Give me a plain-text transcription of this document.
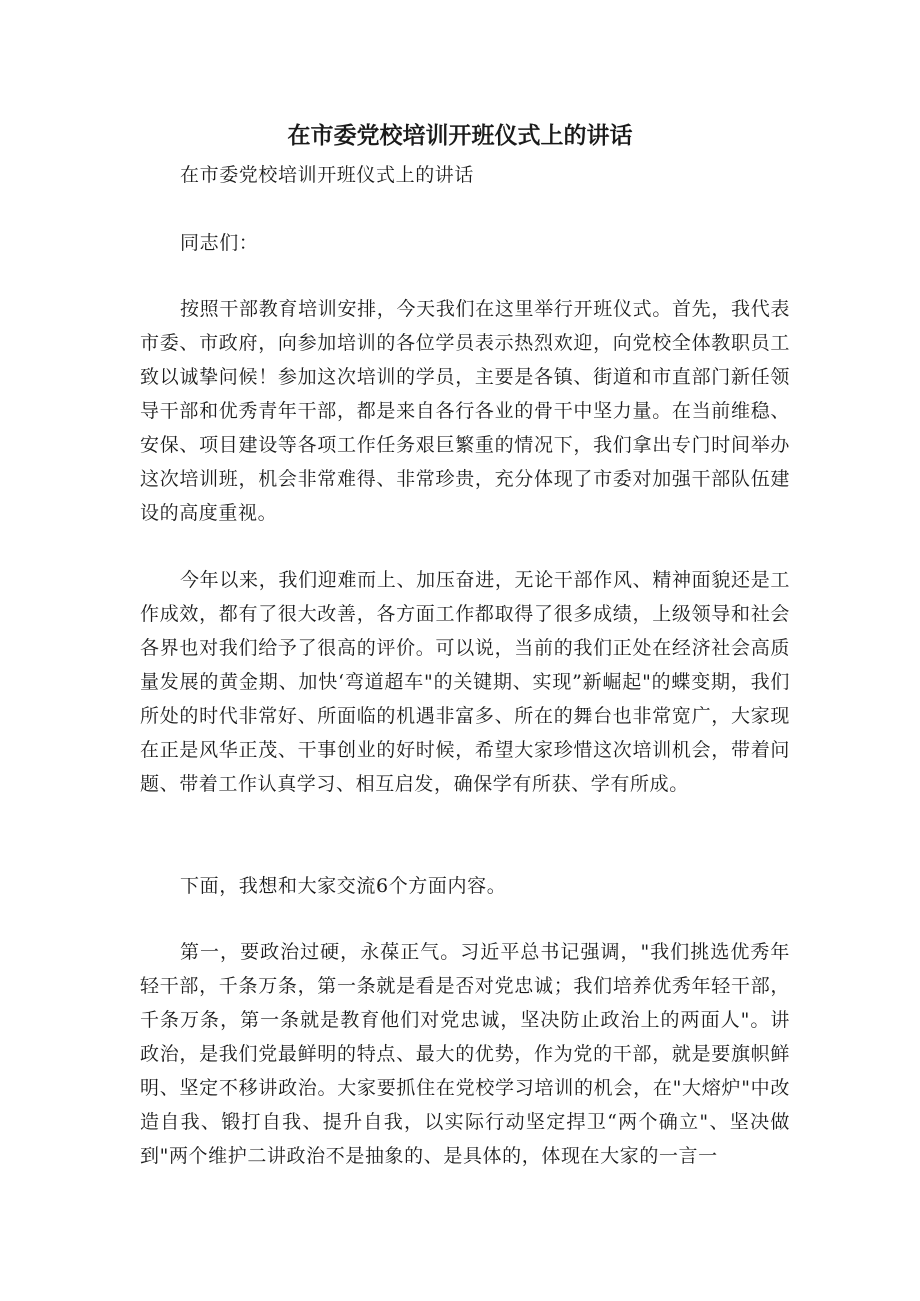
在市委党校培训开班仪式上的讲话

在市委党校培训开班仪式上的讲话

同志们：

按照干部教育培训安排，今天我们在这里举行开班仪式。首先，我代表市委、市政府，向参加培训的各位学员表示热烈欢迎，向党校全体教职员工致以诚挚问候！参加这次培训的学员，主要是各镇、街道和市直部门新任领导干部和优秀青年干部，都是来自各行各业的骨干中坚力量。在当前维稳、安保、项目建设等各项工作任务艰巨繁重的情况下，我们拿出专门时间举办这次培训班，机会非常难得、非常珍贵，充分体现了市委对加强干部队伍建设的高度重视。

今年以来，我们迎难而上、加压奋进，无论干部作风、精神面貌还是工作成效，都有了很大改善，各方面工作都取得了很多成绩，上级领导和社会各界也对我们给予了很高的评价。可以说，当前的我们正处在经济社会高质量发展的黄金期、加快‘弯道超车"的关键期、实现”新崛起"的蝶变期，我们所处的时代非常好、所面临的机遇非富多、所在的舞台也非常宽广，大家现在正是风华正茂、干事创业的好时候，希望大家珍惜这次培训机会，带着问题、带着工作认真学习、相互启发，确保学有所获、学有所成。

下面，我想和大家交流6个方面内容。

第一，要政治过硬，永葆正气。习近平总书记强调，"我们挑选优秀年轻干部，千条万条，第一条就是看是否对党忠诚；我们培养优秀年轻干部，千条万条，第一条就是教育他们对党忠诚，坚决防止政治上的两面人"。讲政治，是我们党最鲜明的特点、最大的优势，作为党的干部，就是要旗帜鲜明、坚定不移讲政治。大家要抓住在党校学习培训的机会，在"大熔炉"中改造自我、锻打自我、提升自我，以实际行动坚定捍卫“两个确立"、坚决做到"两个维护二讲政治不是抽象的、是具体的，体现在大家的一言一
